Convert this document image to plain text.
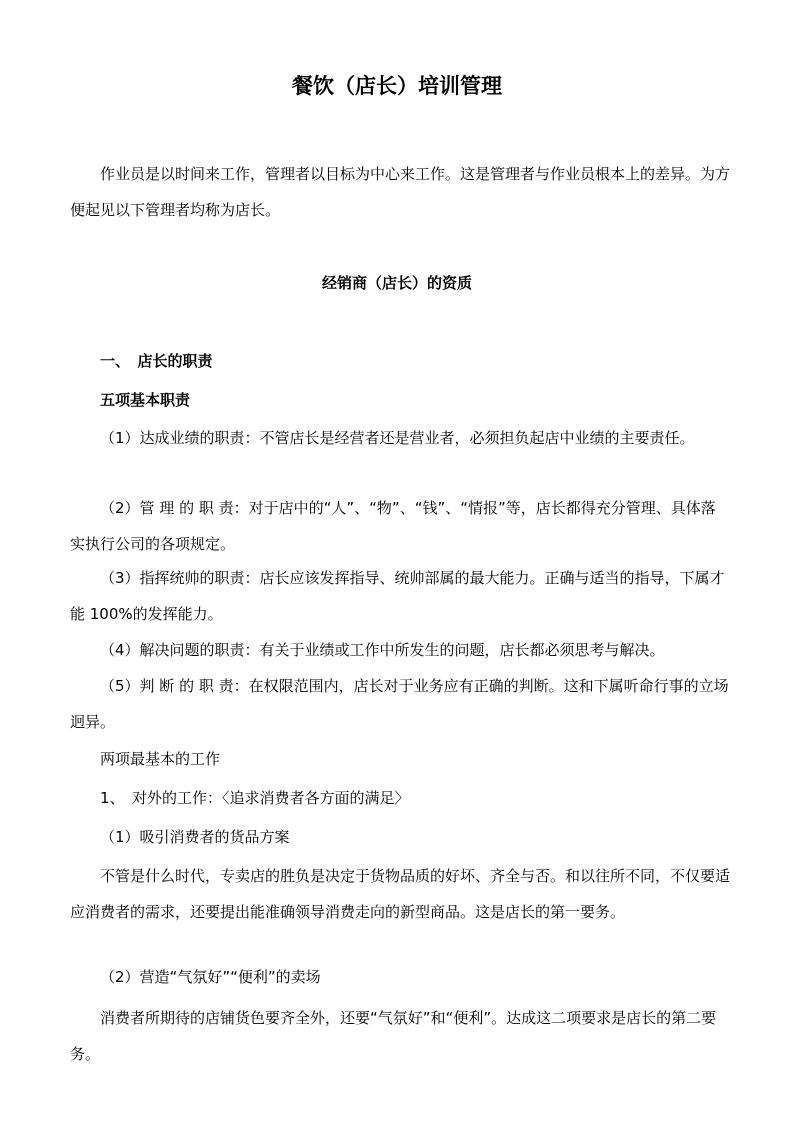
餐饮（店长）培训管理
　　作业员是以时间来工作，管理者以目标为中心来工作。这是管理者与作业员根本上的差异。为方便起见以下管理者均称为店长。
经销商（店长）的资质
一、　店长的职责
五项基本职责
（1）达成业绩的职责：不管店长是经营者还是营业者，必须担负起店中业绩的主要责任。
（2）管 理 的 职 责：对于店中的“人”、“物”、“钱”、“情报”等，店长都得充分管理、具体落实执行公司的各项规定。
（3）指挥统帅的职责：店长应该发挥指导、统帅部属的最大能力。正确与适当的指导，下属才能 100%的发挥能力。
（4）解决问题的职责：有关于业绩或工作中所发生的问题，店长都必须思考与解决。
（5）判 断 的 职 责：在权限范围内，店长对于业务应有正确的判断。这和下属听命行事的立场迥异。
两项最基本的工作
1、　对外的工作：〈追求消费者各方面的满足〉
（1）吸引消费者的货品方案
不管是什么时代，专卖店的胜负是决定于货物品质的好坏、齐全与否。和以往所不同，不仅要适应消费者的需求，还要提出能准确领导消费走向的新型商品。这是店长的第一要务。
（2）营造“气氛好”“便利”的卖场
消费者所期待的店铺货色要齐全外，还要“气氛好”和“便利”。达成这二项要求是店长的第二要务。
